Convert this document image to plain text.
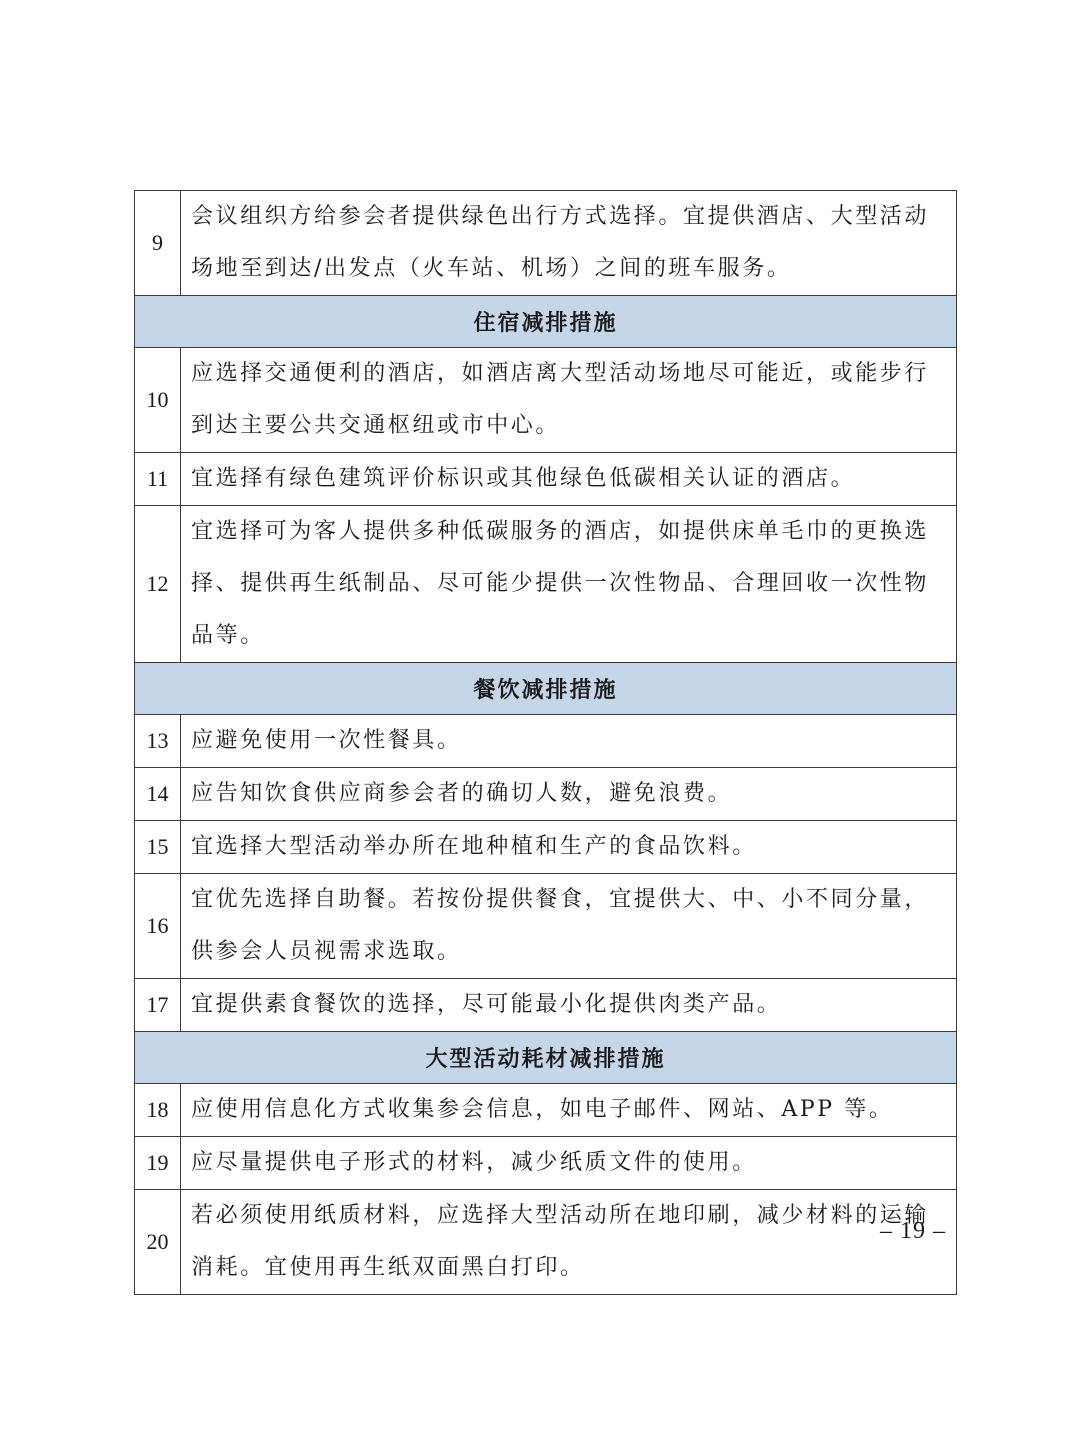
9	会议组织方给参会者提供绿色出行方式选择。宜提供酒店、大型活动场地至到达/出发点（火车站、机场）之间的班车服务。
住宿减排措施	
10	应选择交通便利的酒店，如酒店离大型活动场地尽可能近，或能步行到达主要公共交通枢纽或市中心。
11	宜选择有绿色建筑评价标识或其他绿色低碳相关认证的酒店。
12	宜选择可为客人提供多种低碳服务的酒店，如提供床单毛巾的更换选择、提供再生纸制品、尽可能少提供一次性物品、合理回收一次性物品等。
餐饮减排措施	
13	应避免使用一次性餐具。
14	应告知饮食供应商参会者的确切人数，避免浪费。
15	宜选择大型活动举办所在地种植和生产的食品饮料。
16	宜优先选择自助餐。若按份提供餐食，宜提供大、中、小不同分量，供参会人员视需求选取。
17	宜提供素食餐饮的选择，尽可能最小化提供肉类产品。
大型活动耗材减排措施	
18	应使用信息化方式收集参会信息，如电子邮件、网站、APP 等。
19	应尽量提供电子形式的材料，减少纸质文件的使用。
20	若必须使用纸质材料，应选择大型活动所在地印刷，减少材料的运输消耗。宜使用再生纸双面黑白打印。
– 19 –
